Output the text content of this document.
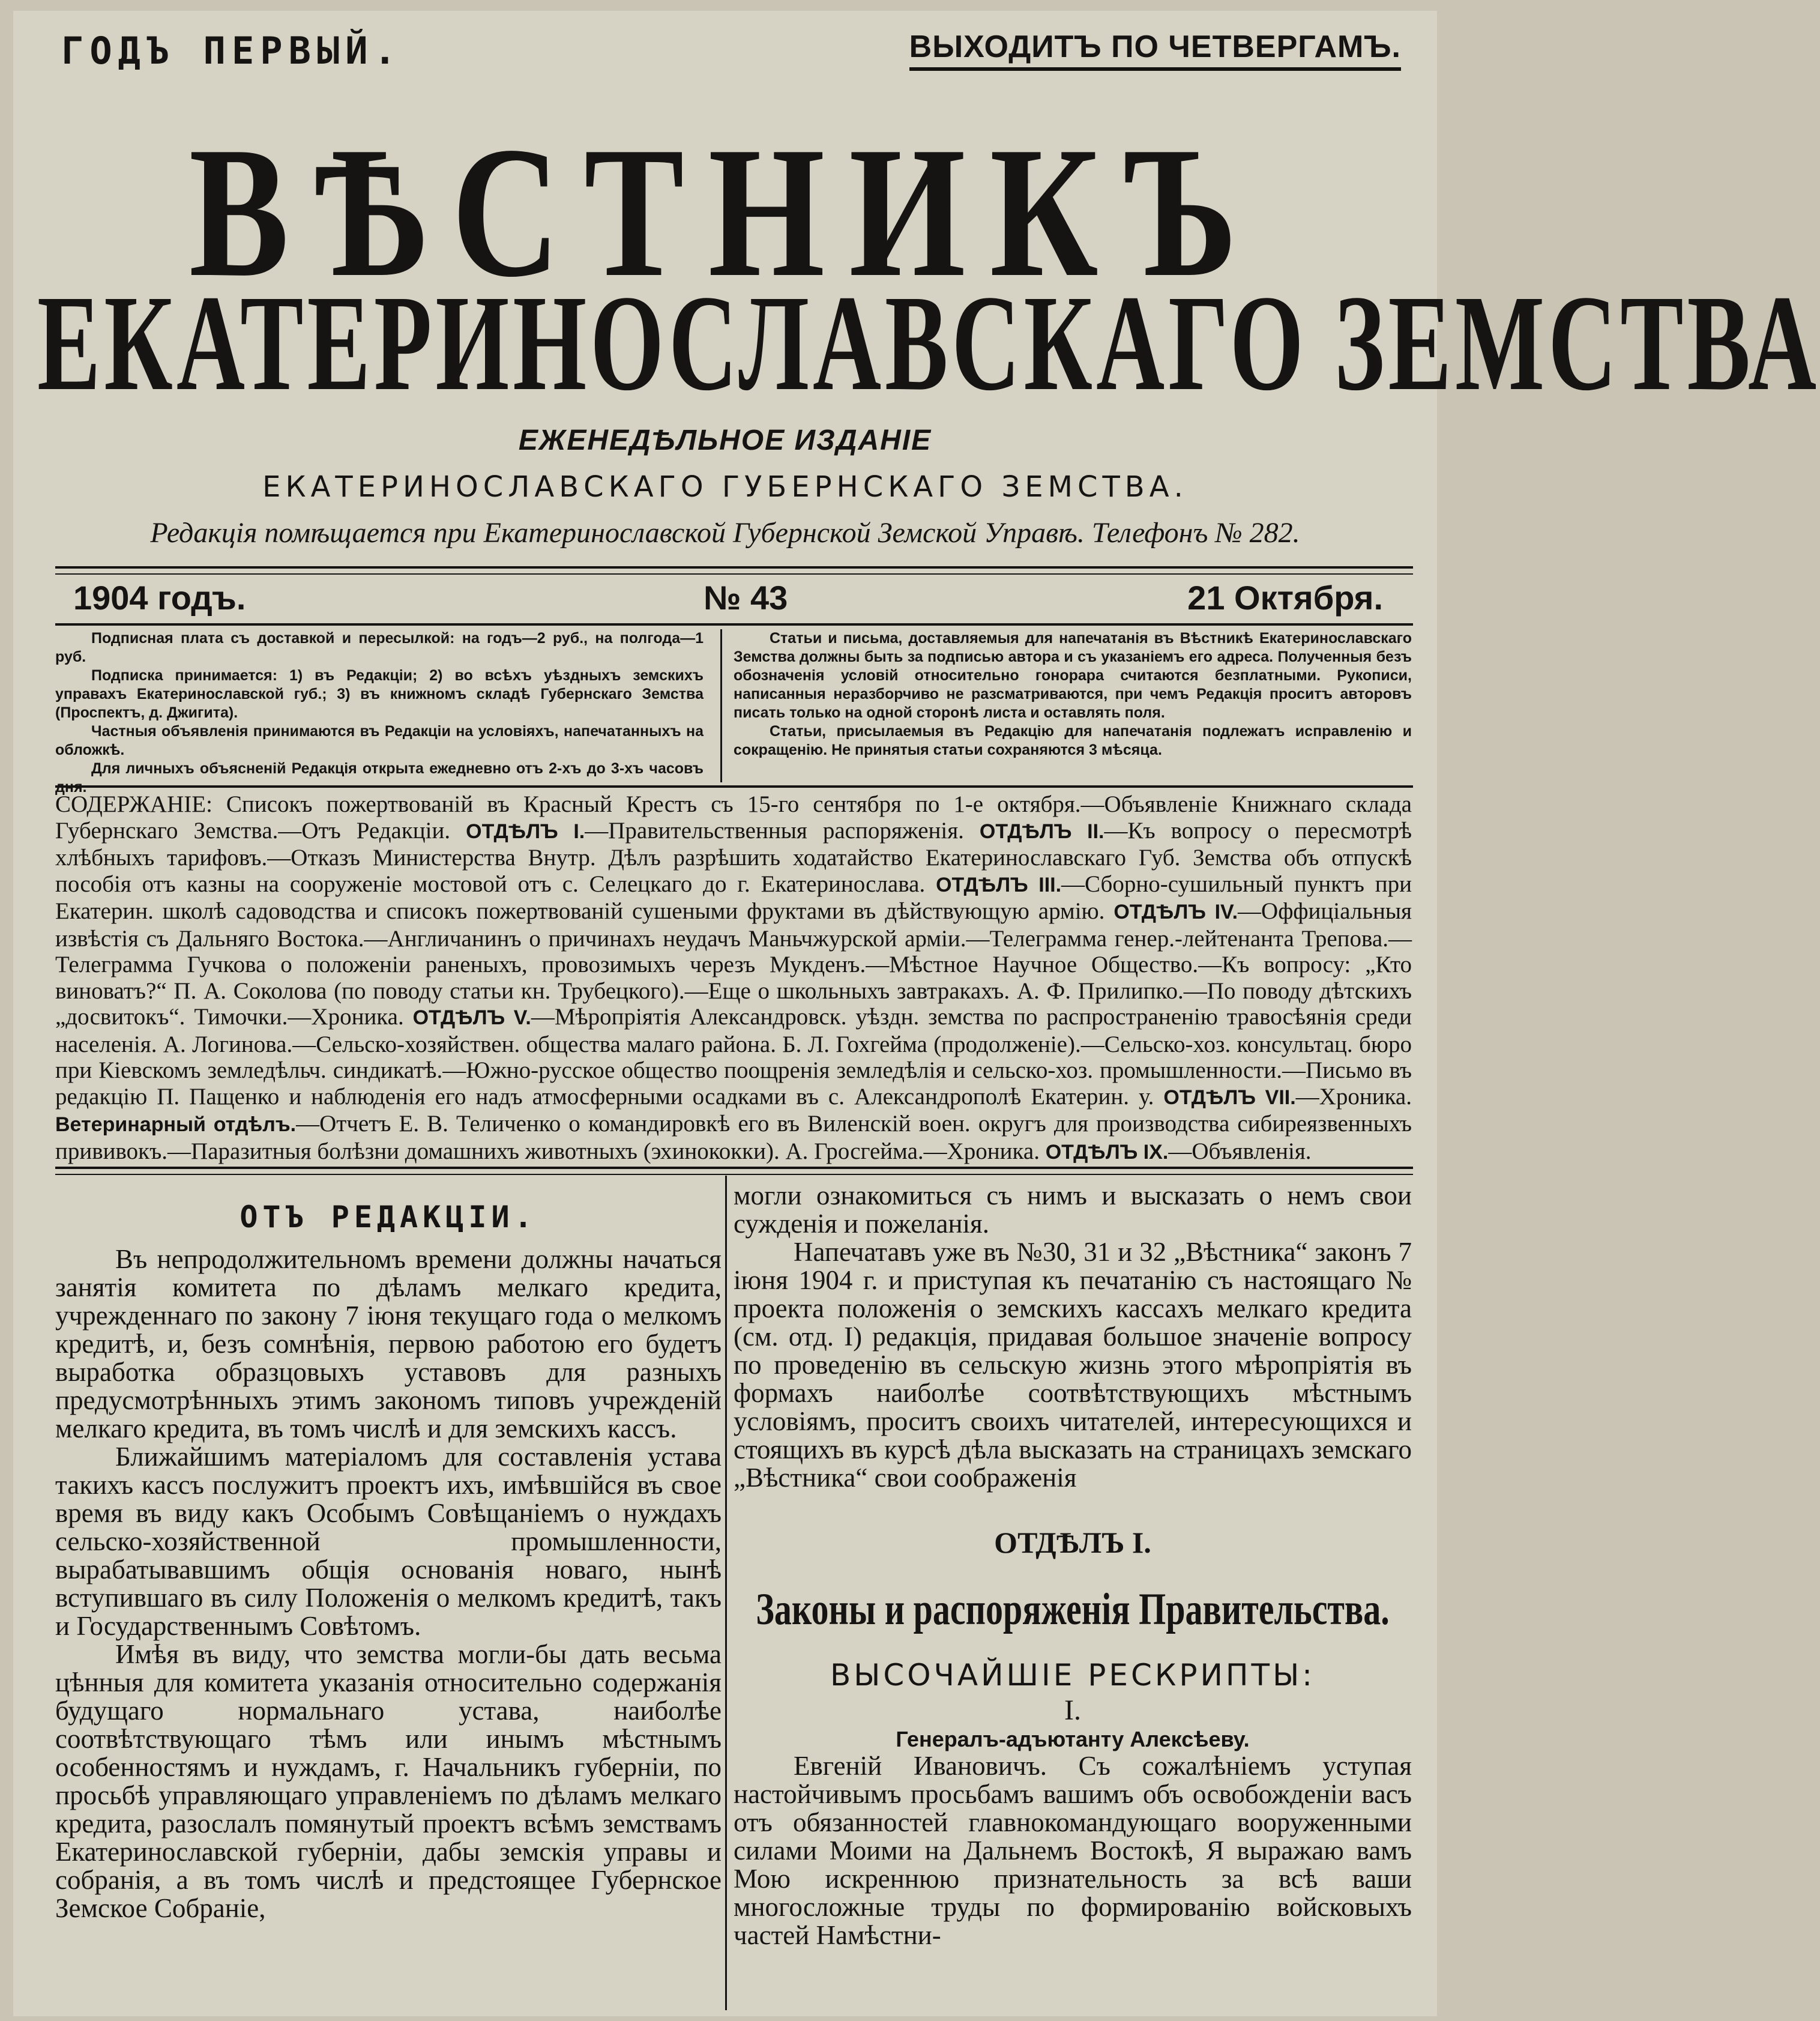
ГОДЪ ПЕРВЫЙ.	ВЫХОДИТЪ ПО ЧЕТВЕРГАМЪ.
ВѢСТНИКЪ
ЕКАТЕРИНОСЛАВСКАГО ЗЕМСТВА
ЕЖЕНЕДѢЛЬНОЕ ИЗДАНІЕ
ЕКАТЕРИНОСЛАВСКАГО ГУБЕРНСКАГО ЗЕМСТВА.
Редакція помѣщается при Екатеринославской Губернской Земской Управѣ. Телефонъ № 282.
1904 годъ.	№ 43	21 Октября.

Подписная плата съ доставкой и пересылкой: на годъ—2 руб., на полгода—1 руб.

Подписка принимается: 1) въ Редакціи; 2) во всѣхъ уѣздныхъ земскихъ управахъ Екатеринославской губ.; 3) въ книжномъ складѣ Губернскаго Земства (Проспектъ, д. Джигита).

Частныя объявленія принимаются въ Редакціи на условіяхъ, напечатанныхъ на обложкѣ.

Для личныхъ объясненій Редакція открыта ежедневно отъ 2-хъ до 3-хъ часовъ дня.

Статьи и письма, доставляемыя для напечатанія въ Вѣстникѣ Екатеринославскаго Земства должны быть за подписью автора и съ указаніемъ его адреса. Полученныя безъ обозначенія условій относительно гонорара считаются безплатными. Рукописи, написанныя неразборчиво не разсматриваются, при чемъ Редакція проситъ авторовъ писать только на одной сторонѣ листа и оставлять поля.

Статьи, присылаемыя въ Редакцію для напечатанія подлежатъ исправленію и сокращенію. Не принятыя статьи сохраняются 3 мѣсяца.

СОДЕРЖАНІЕ: Списокъ пожертвованій въ Красный Крестъ съ 15-го сентября по 1-е октября.—Объявленіе Книжнаго склада Губернскаго Земства.—Отъ Редакціи. ОТДѢЛЪ I.—Правительственныя распоряженія. ОТДѢЛЪ II.—Къ вопросу о пересмотрѣ хлѣбныхъ тарифовъ.—Отказъ Министерства Внутр. Дѣлъ разрѣшить ходатайство Екатеринославскаго Губ. Земства объ отпускѣ пособія отъ казны на сооруженіе мостовой отъ с. Селецкаго до г. Екатеринослава. ОТДѢЛЪ III.—Сборно-сушильный пунктъ при Екатерин. школѣ садоводства и списокъ пожертвованій сушеными фруктами въ дѣйствующую армію. ОТДѢЛЪ IV.—Оффиціальныя извѣстія съ Дальняго Востока.—Англичанинъ о причинахъ неудачъ Маньчжурской арміи.—Телеграмма генер.-лейтенанта Трепова.—Телеграмма Гучкова о положеніи раненыхъ, провозимыхъ черезъ Мукденъ.—Мѣстное Научное Общество.—Къ вопросу: „Кто виноватъ?“ П. А. Соколова (по поводу статьи кн. Трубецкого).—Еще о школьныхъ завтракахъ. А. Ф. Прилипко.—По поводу дѣтскихъ „досвитокъ“. Тимочки.—Хроника. ОТДѢЛЪ V.—Мѣропріятія Александровск. уѣздн. земства по распространенію травосѣянія среди населенія. А. Логинова.—Сельско-хозяйствен. общества малаго района. Б. Л. Гохгейма (продолженіе).—Сельско-хоз. консультац. бюро при Кіевскомъ земледѣльч. синдикатѣ.—Южно-русское общество поощренія земледѣлія и сельско-хоз. промышленности.—Письмо въ редакцію П. Пащенко и наблюденія его надъ атмосферными осадками въ с. Александрополѣ Екатерин. у. ОТДѢЛЪ VII.—Хроника. Ветеринарный отдѣлъ.—Отчетъ Е. В. Теличенко о командировкѣ его въ Виленскій воен. округъ для производства сибиреязвенныхъ прививокъ.—Паразитныя болѣзни домашнихъ животныхъ (эхинококки). А. Гросгейма.—Хроника. ОТДѢЛЪ IX.—Объявленія.
ОТЪ РЕДАКЦІИ.

Въ непродолжительномъ времени должны начаться занятія комитета по дѣламъ мелкаго кредита, учрежденнаго по закону 7 іюня текущаго года о мелкомъ кредитѣ, и, безъ сомнѣнія, первою работою его будетъ выработка образцовыхъ уставовъ для разныхъ предусмотрѣнныхъ этимъ закономъ типовъ учрежденій мелкаго кредита, въ томъ числѣ и для земскихъ кассъ.

Ближайшимъ матеріаломъ для составленія устава такихъ кассъ послужитъ проектъ ихъ, имѣвшійся въ свое время въ виду какъ Особымъ Совѣщаніемъ о нуждахъ сельско-хозяйственной промышленности, вырабатывавшимъ общія основанія новаго, нынѣ вступившаго въ силу Положенія о мелкомъ кредитѣ, такъ и Государственнымъ Совѣтомъ.

Имѣя въ виду, что земства могли-бы дать весьма цѣнныя для комитета указанія относительно содержанія будущаго нормальнаго устава, наиболѣе соотвѣтствующаго тѣмъ или инымъ мѣстнымъ особенностямъ и нуждамъ, г. Начальникъ губерніи, по просьбѣ управляющаго управленіемъ по дѣламъ мелкаго кредита, разослалъ помянутый проектъ всѣмъ земствамъ Екатеринославской губерніи, дабы земскія управы и собранія, а въ томъ числѣ и предстоящее Губернское Земское Собраніе,

могли ознакомиться съ нимъ и высказать о немъ свои сужденія и пожеланія.

Напечатавъ уже въ №30, 31 и 32 „Вѣстника“ законъ 7 іюня 1904 г. и приступая къ печатанію съ настоящаго № проекта положенія о земскихъ кассахъ мелкаго кредита (см. отд. I) редакція, придавая большое значеніе вопросу по проведенію въ сельскую жизнь этого мѣропріятія въ формахъ наиболѣе соотвѣтствующихъ мѣстнымъ условіямъ, проситъ своихъ читателей, интересующихся и стоящихъ въ курсѣ дѣла высказать на страницахъ земскаго „Вѣстника“ свои соображенія

ОТДѢЛЪ I.
Законы и распоряженія Правительства.
ВЫСОЧАЙШІЕ РЕСКРИПТЫ:
I.
Генералъ-адъютанту Алексѣеву.

Евгеній Ивановичъ. Съ сожалѣніемъ уступая настойчивымъ просьбамъ вашимъ объ освобожденіи васъ отъ обязанностей главнокомандующаго вооруженными силами Моими на Дальнемъ Востокѣ, Я выражаю вамъ Мою искреннюю признательность за всѣ ваши многосложные труды по формированію войсковыхъ частей Намѣстни-
